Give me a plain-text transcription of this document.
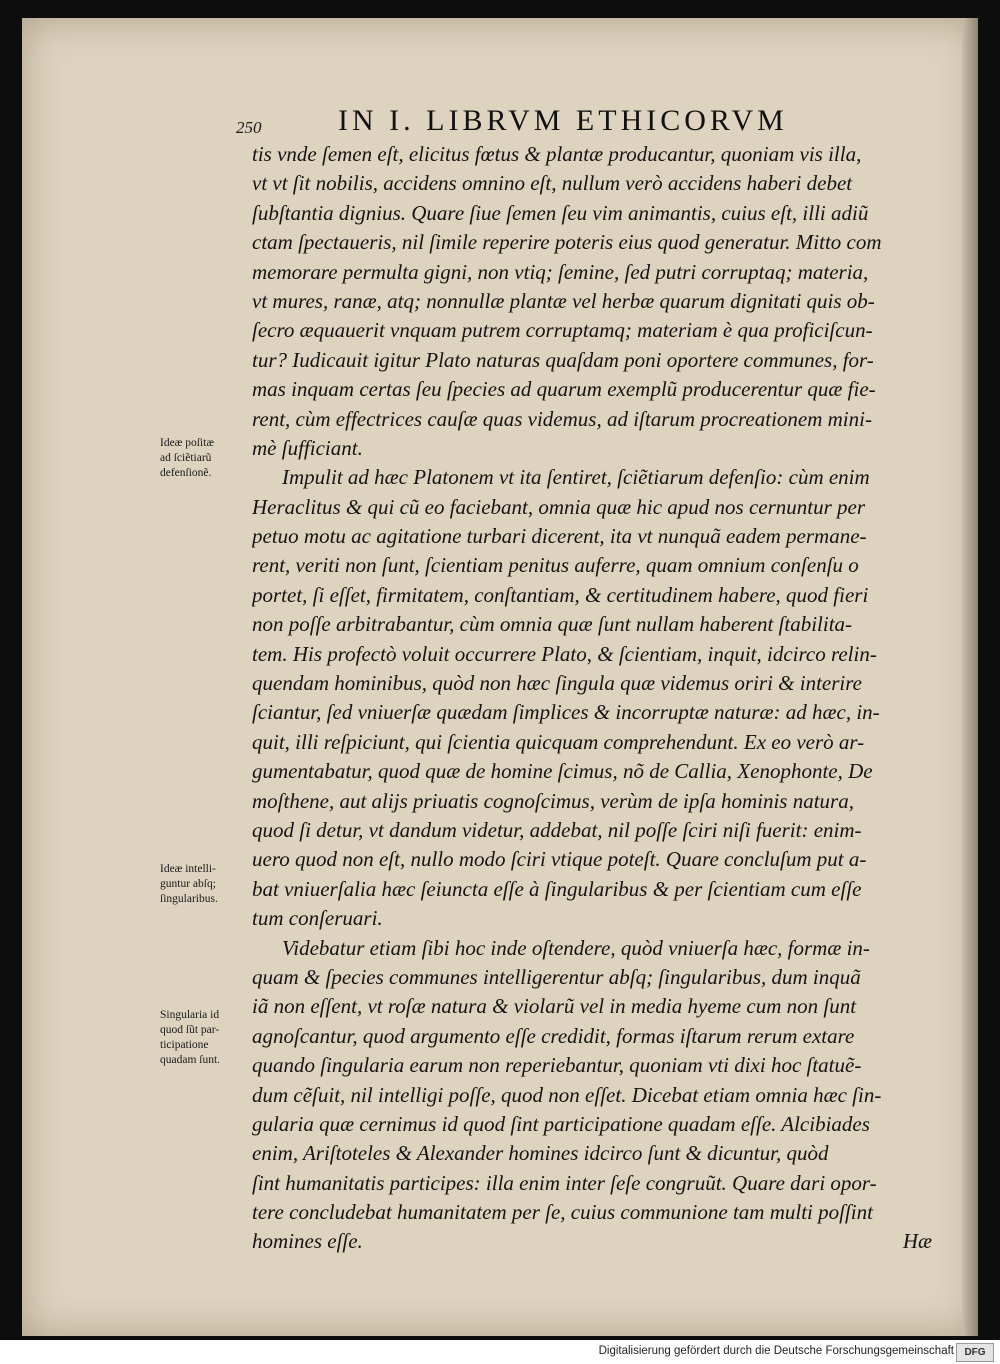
250	IN I. LIBRVM ETHICORVM
tis vnde ſemen eſt, elicitus fœtus & plantæ producantur, quoniam vis illa,
vt vt ſit nobilis, accidens omnino eſt, nullum verò accidens haberi debet
ſubſtantia dignius. Quare ſiue ſemen ſeu vim animantis, cuius eſt, illi adiũ
ctam ſpectaueris, nil ſimile reperire poteris eius quod generatur. Mitto com
memorare permulta gigni, non vtiq; ſemine, ſed putri corruptaq; materia,
vt mures, ranæ, atq; nonnullæ plantæ vel herbæ quarum dignitati quis ob-
ſecro æquauerit vnquam putrem corruptamq; materiam è qua proficiſcun-
tur? Iudicauit igitur Plato naturas quaſdam poni oportere communes, for-
mas inquam certas ſeu ſpecies ad quarum exemplũ producerentur quæ fie-
rent, cùm effectrices cauſæ quas videmus, ad iſtarum procreationem mini-
mè ſufficiant.
Impulit ad hæc Platonem vt ita ſentiret, ſciẽtiarum defenſio: cùm enim
Heraclitus & qui cũ eo faciebant, omnia quæ hic apud nos cernuntur per
petuo motu ac agitatione turbari dicerent, ita vt nunquã eadem permane-
rent, veriti non ſunt, ſcientiam penitus auferre, quam omnium conſenſu o
portet, ſi eſſet, firmitatem, conſtantiam, & certitudinem habere, quod fieri
non poſſe arbitrabantur, cùm omnia quæ ſunt nullam haberent ſtabilita-
tem. His profectò voluit occurrere Plato, & ſcientiam, inquit, idcirco relin-
quendam hominibus, quòd non hæc ſingula quæ videmus oriri & interire
ſciantur, ſed vniuerſæ quædam ſimplices & incorruptæ naturæ: ad hæc, in-
quit, illi reſpiciunt, qui ſcientia quicquam comprehendunt. Ex eo verò ar-
gumentabatur, quod quæ de homine ſcimus, nõ de Callia, Xenophonte, De
moſthene, aut alijs priuatis cognoſcimus, verùm de ipſa hominis natura,
quod ſi detur, vt dandum videtur, addebat, nil poſſe ſciri niſi fuerit: enim-
uero quod non eſt, nullo modo ſciri vtique poteſt. Quare concluſum put a-
bat vniuerſalia hæc ſeiuncta eſſe à ſingularibus & per ſcientiam cum eſſe
tum conſeruari.
Videbatur etiam ſibi hoc inde oſtendere, quòd vniuerſa hæc, formæ in-
quam & ſpecies communes intelligerentur abſq; ſingularibus, dum inquã
iã non eſſent, vt roſæ natura & violarũ vel in media hyeme cum non ſunt
agnoſcantur, quod argumento eſſe credidit, formas iſtarum rerum extare
quando ſingularia earum non reperiebantur, quoniam vti dixi hoc ſtatuẽ-
dum cẽſuit, nil intelligi poſſe, quod non eſſet. Dicebat etiam omnia hæc ſin-
gularia quæ cernimus id quod ſint participatione quadam eſſe. Alcibiades
enim, Ariſtoteles & Alexander homines idcirco ſunt & dicuntur, quòd
ſint humanitatis participes: illa enim inter ſeſe congruũt. Quare dari opor-
tere concludebat humanitatem per ſe, cuius communione tam multi poſſint
homines eſſe.	Hæ
Ideæ poſitæ
ad ſciẽtiarũ
defenſionẽ.
Ideæ intelli-
guntur abſq;
ſingularibus.
Singularia id
quod ſũt par-
ticipatione
quadam ſunt.
Digitalisierung gefördert durch die Deutsche Forschungsgemeinschaft	DFG
